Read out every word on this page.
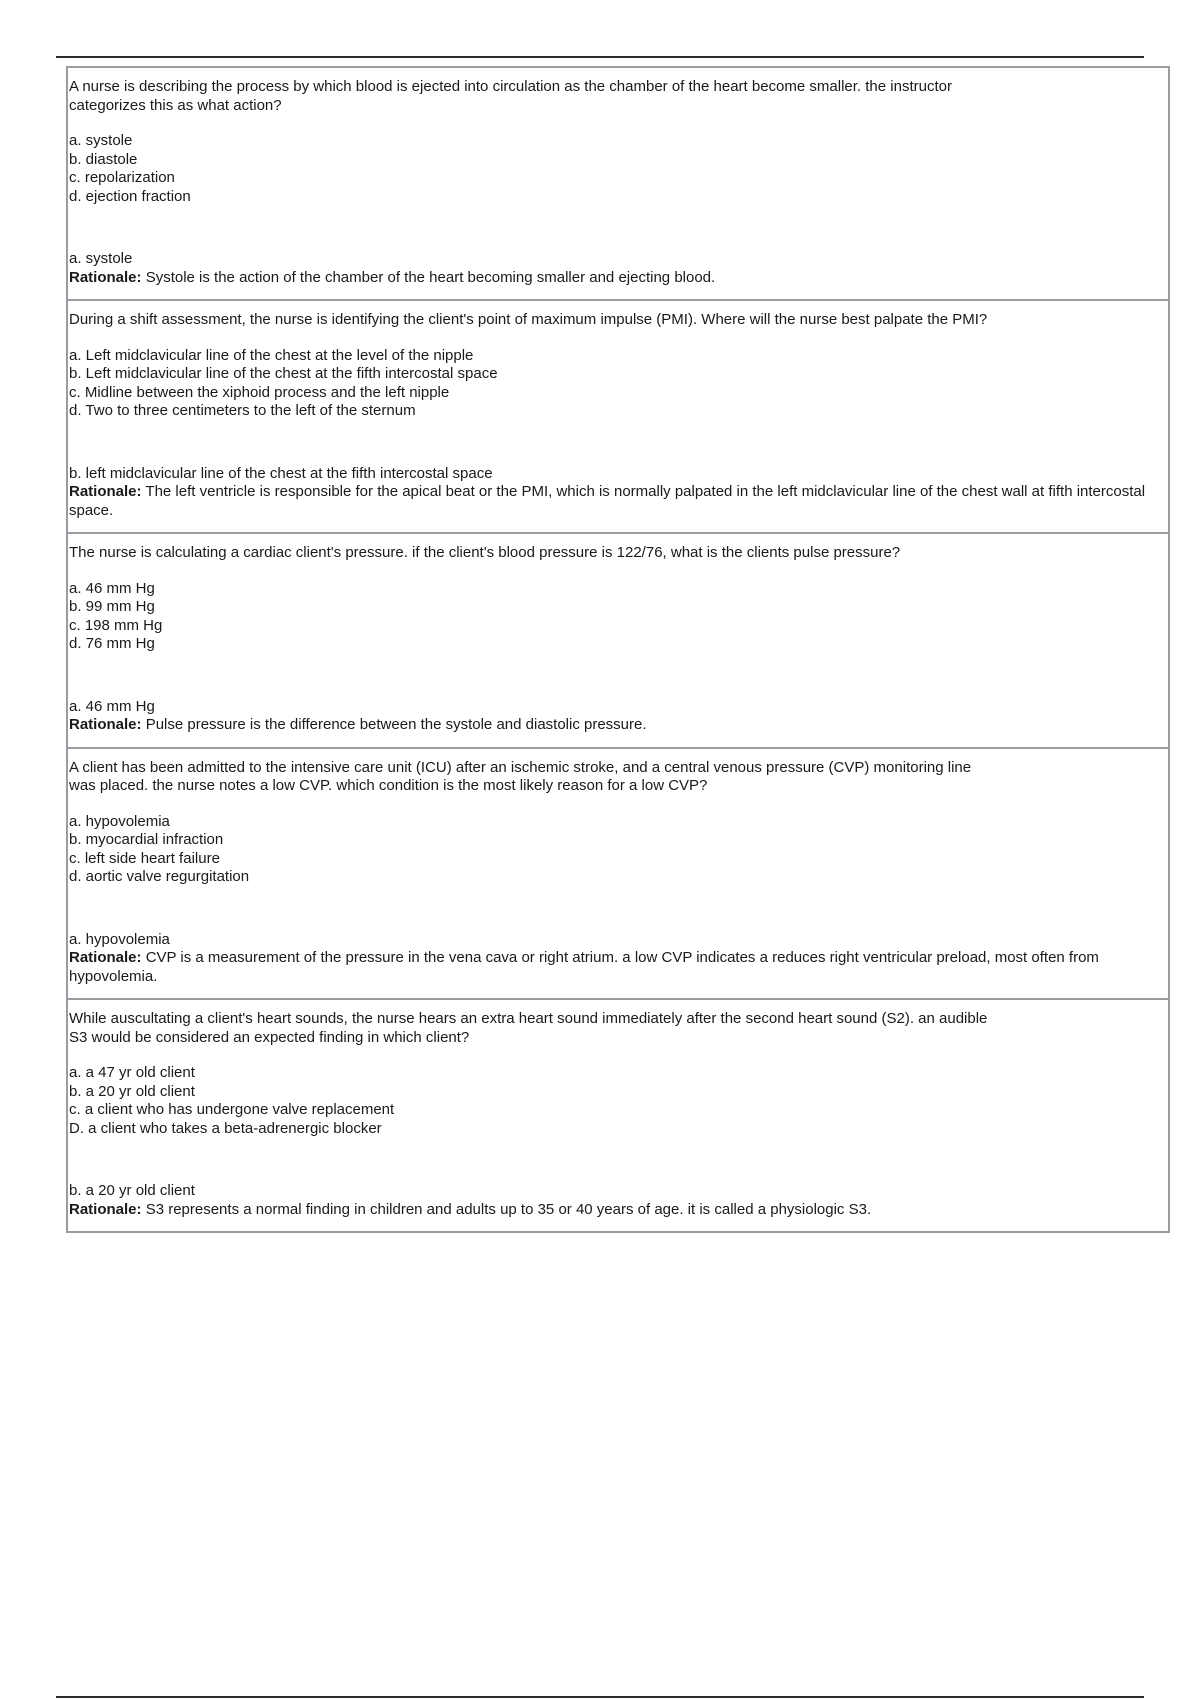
A nurse is describing the process by which blood is ejected into circulation as the chamber of the heart become smaller. the instructor categorizes this as what action?

a. systole
b. diastole
c. repolarization
d. ejection fraction

a. systole

Rationale: Systole is the action of the chamber of the heart becoming smaller and ejecting blood.

During a shift assessment, the nurse is identifying the client's point of maximum impulse (PMI). Where will the nurse best palpate the PMI?

a. Left midclavicular line of the chest at the level of the nipple
b. Left midclavicular line of the chest at the fifth intercostal space
c. Midline between the xiphoid process and the left nipple
d. Two to three centimeters to the left of the sternum

b. left midclavicular line of the chest at the fifth intercostal space

Rationale: The left ventricle is responsible for the apical beat or the PMI, which is normally palpated in the left midclavicular line of the chest wall at fifth intercostal space.

The nurse is calculating a cardiac client's pressure. if the client's blood pressure is 122/76, what is the clients pulse pressure?

a. 46 mm Hg
b. 99 mm Hg
c. 198 mm Hg
d. 76 mm Hg

a. 46 mm Hg

Rationale: Pulse pressure is the difference between the systole and diastolic pressure.

A client has been admitted to the intensive care unit (ICU) after an ischemic stroke, and a central venous pressure (CVP) monitoring line was placed. the nurse notes a low CVP. which condition is the most likely reason for a low CVP?

a. hypovolemia
b. myocardial infraction
c. left side heart failure
d. aortic valve regurgitation

a. hypovolemia

Rationale: CVP is a measurement of the pressure in the vena cava or right atrium. a low CVP indicates a reduces right ventricular preload, most often from hypovolemia.

While auscultating a client's heart sounds, the nurse hears an extra heart sound immediately after the second heart sound (S2). an audible S3 would be considered an expected finding in which client?

a. a 47 yr old client
b. a 20 yr old client
c. a client who has undergone valve replacement
D. a client who takes a beta-adrenergic blocker

b. a 20 yr old client

Rationale: S3 represents a normal finding in children and adults up to 35 or 40 years of age. it is called a physiologic S3.
